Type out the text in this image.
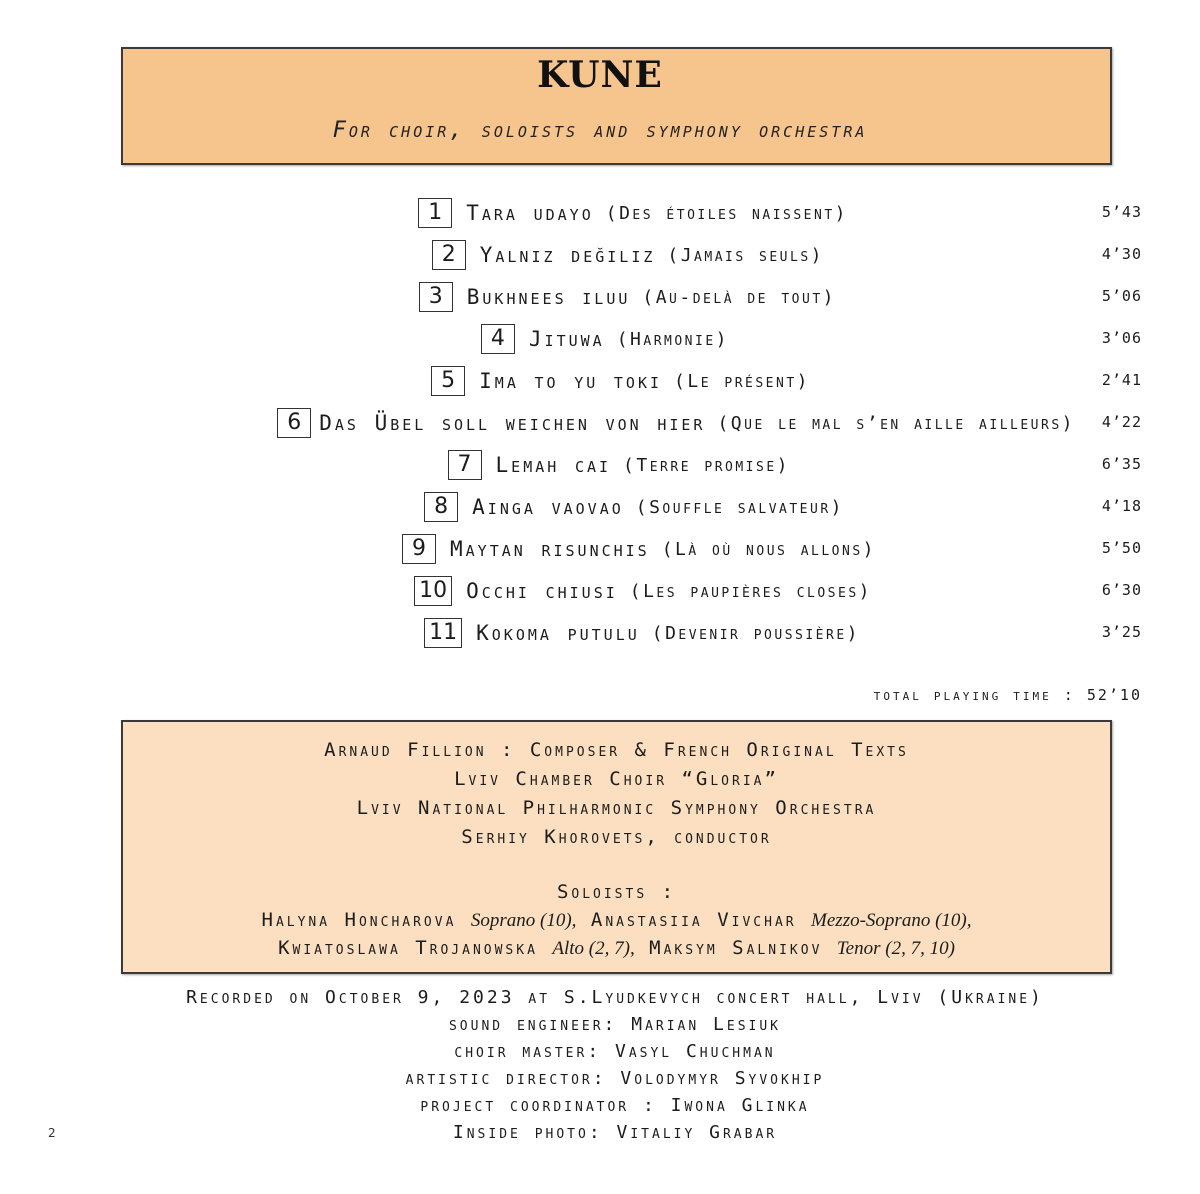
KUNE
For choir, soloists and symphony orchestra
1	Tara udayo (Des étoiles naissent)	5’43
2	Yalniz değiliz (Jamais seuls)	4’30
3	Bukhnees iluu (Au-delà de tout)	5’06
4	Jituwa (Harmonie)	3’06
5	Ima to yu toki (Le présent)	2’41
6 Das Übel soll weichen von hier (Que le mal s’en aille ailleurs) 4’22
7	Lemah cai (Terre promise)	6’35
8	Ainga vaovao (Souffle salvateur)	4’18
9	Maytan risunchis (Là où nous allons)	5’50
10 Occhi chiusi (Les paupières closes)	6’30
11 Kokoma putulu (Devenir poussière)	3’25
total playing time : 52’10
Arnaud Fillion : Composer & French Original Texts
Lviv Chamber Choir “Gloria”
Lviv National Philharmonic Symphony Orchestra
Serhiy Khorovets, conductor
Soloists :
Halyna Honcharova Soprano (10), Anastasiia Vivchar Mezzo-Soprano (10),
Kwiatoslawa Trojanowska Alto (2, 7), Maksym Salnikov Tenor (2, 7, 10)
Recorded on October 9, 2023 at S.Lyudkevych concert hall, Lviv (Ukraine)
sound engineer: Marian Lesiuk
choir master: Vasyl Chuchman
artistic director: Volodymyr Syvokhip
project coordinator : Iwona Glinka
Inside photo: Vitaliy Grabar
2
